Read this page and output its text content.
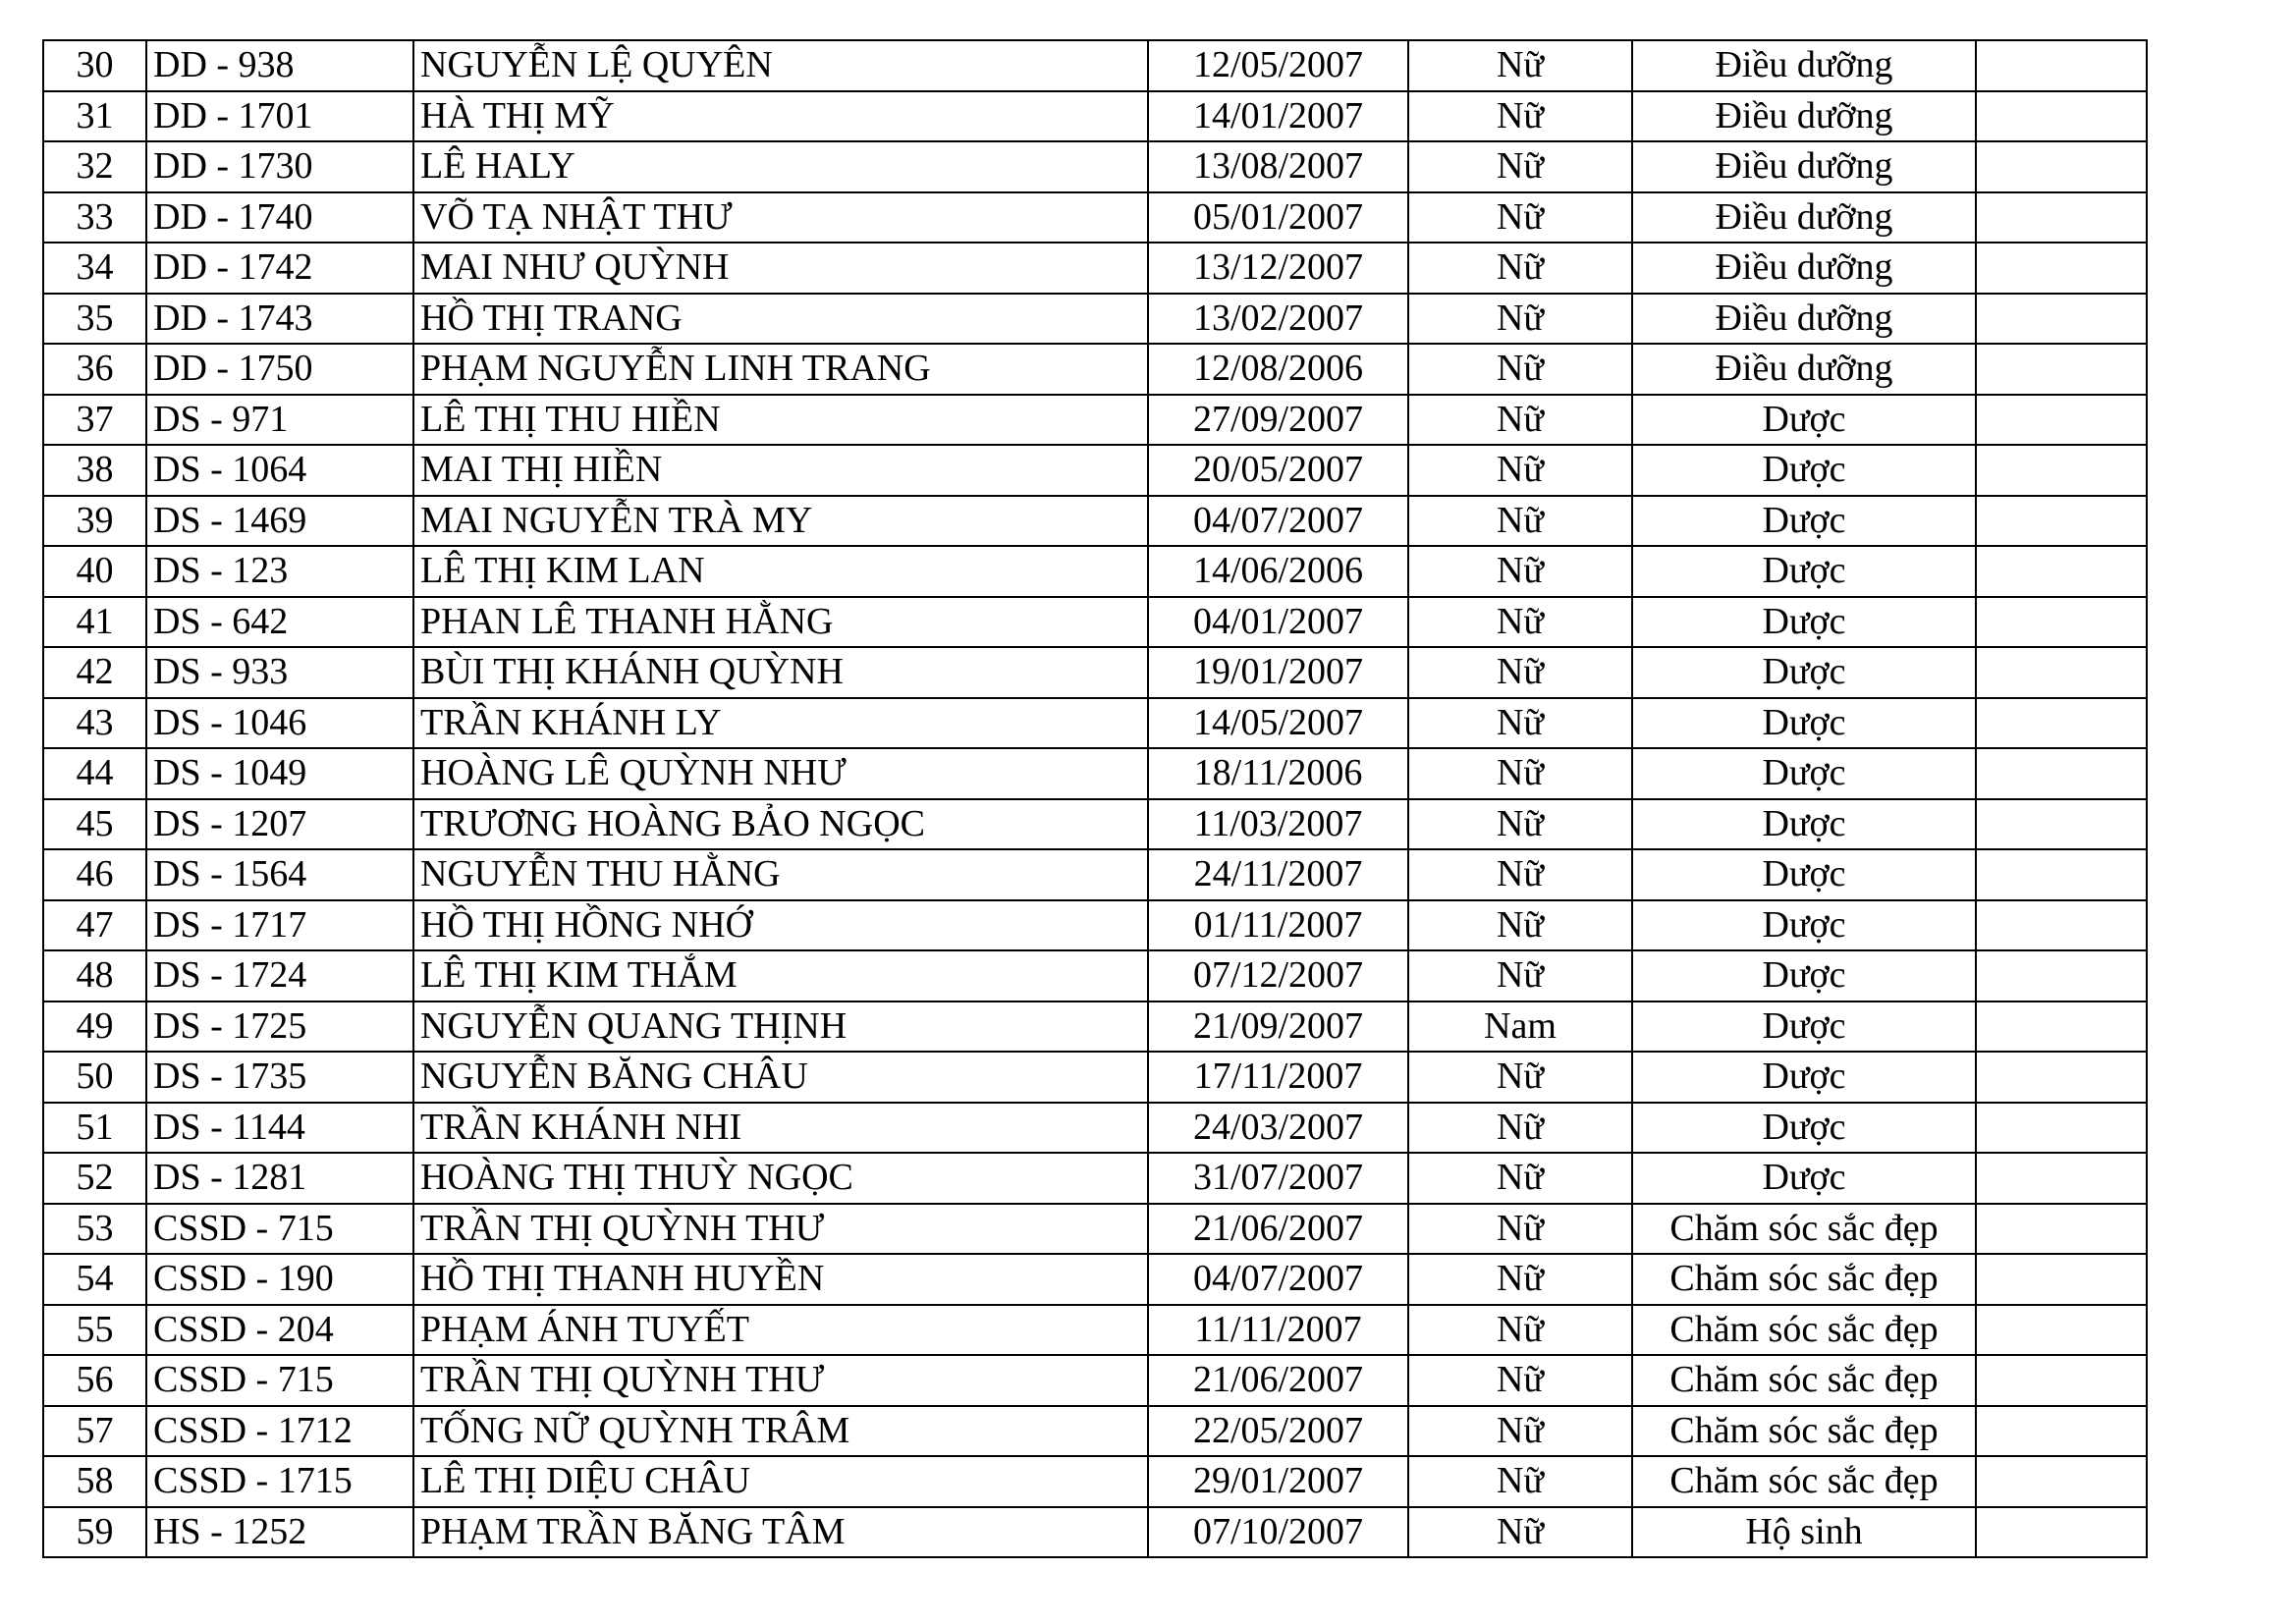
30	DD - 938	NGUYỄN LỆ QUYÊN	12/05/2007	Nữ	Điều dưỡng	
31	DD - 1701	HÀ THỊ MỸ	14/01/2007	Nữ	Điều dưỡng	
32	DD - 1730	LÊ HALY	13/08/2007	Nữ	Điều dưỡng	
33	DD - 1740	VÕ TẠ NHẬT THƯ	05/01/2007	Nữ	Điều dưỡng	
34	DD - 1742	MAI NHƯ QUỲNH	13/12/2007	Nữ	Điều dưỡng	
35	DD - 1743	HỒ THỊ TRANG	13/02/2007	Nữ	Điều dưỡng	
36	DD - 1750	PHẠM NGUYỄN LINH TRANG	12/08/2006	Nữ	Điều dưỡng	
37	DS - 971	LÊ THỊ THU HIỀN	27/09/2007	Nữ	Dược	
38	DS - 1064	MAI THỊ HIỀN	20/05/2007	Nữ	Dược	
39	DS - 1469	MAI NGUYỄN TRÀ MY	04/07/2007	Nữ	Dược	
40	DS - 123	LÊ THỊ KIM LAN	14/06/2006	Nữ	Dược	
41	DS - 642	PHAN LÊ THANH HẰNG	04/01/2007	Nữ	Dược	
42	DS - 933	BÙI THỊ KHÁNH QUỲNH	19/01/2007	Nữ	Dược	
43	DS - 1046	TRẦN KHÁNH LY	14/05/2007	Nữ	Dược	
44	DS - 1049	HOÀNG LÊ QUỲNH NHƯ	18/11/2006	Nữ	Dược	
45	DS - 1207	TRƯƠNG HOÀNG BẢO NGỌC	11/03/2007	Nữ	Dược	
46	DS - 1564	NGUYỄN THU HẰNG	24/11/2007	Nữ	Dược	
47	DS - 1717	HỒ THỊ HỒNG NHỚ	01/11/2007	Nữ	Dược	
48	DS - 1724	LÊ THỊ KIM THẮM	07/12/2007	Nữ	Dược	
49	DS - 1725	NGUYỄN QUANG THỊNH	21/09/2007	Nam	Dược	
50	DS - 1735	NGUYỄN BĂNG CHÂU	17/11/2007	Nữ	Dược	
51	DS - 1144	TRẦN KHÁNH NHI	24/03/2007	Nữ	Dược	
52	DS - 1281	HOÀNG THỊ THUỲ NGỌC	31/07/2007	Nữ	Dược	
53	CSSD - 715	TRẦN THỊ QUỲNH THƯ	21/06/2007	Nữ	Chăm sóc sắc đẹp	
54	CSSD - 190	HỒ THỊ THANH HUYỀN	04/07/2007	Nữ	Chăm sóc sắc đẹp	
55	CSSD - 204	PHẠM ÁNH TUYẾT	11/11/2007	Nữ	Chăm sóc sắc đẹp	
56	CSSD - 715	TRẦN THỊ QUỲNH THƯ	21/06/2007	Nữ	Chăm sóc sắc đẹp	
57	CSSD - 1712	TỐNG NỮ QUỲNH TRÂM	22/05/2007	Nữ	Chăm sóc sắc đẹp	
58	CSSD - 1715	LÊ THỊ DIỆU CHÂU	29/01/2007	Nữ	Chăm sóc sắc đẹp	
59	HS - 1252	PHẠM TRẦN BĂNG TÂM	07/10/2007	Nữ	Hộ sinh	
